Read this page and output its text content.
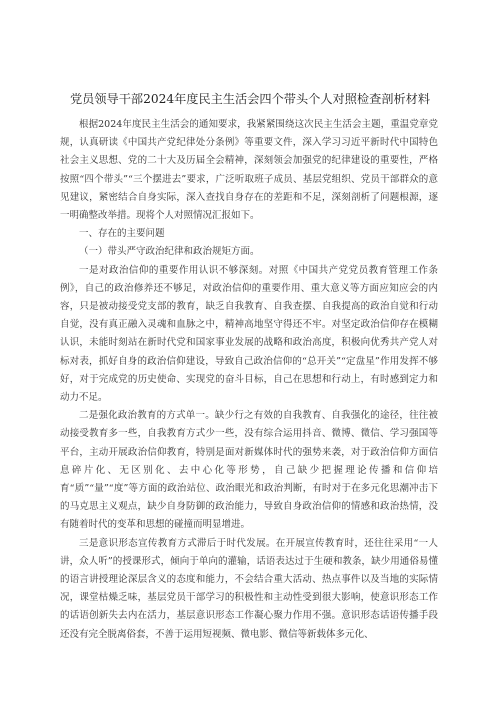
党员领导干部2024年度民主生活会四个带头个人对照检查剖析材料

根据2024年度民主生活会的通知要求，我紧紧围绕这次民主生活会主题，重温党章党规，认真研读《中国共产党纪律处分条例》等重要文件，深入学习习近平新时代中国特色社会主义思想、党的二十大及历届全会精神，深刻领会加强党的纪律建设的重要性，严格按照“四个带头”“三个摆进去”要求，广泛听取班子成员、基层党组织、党员干部群众的意见建议，紧密结合自身实际，深入查找自身存在的差距和不足，深刻剖析了问题根源，逐一明确整改举措。现将个人对照情况汇报如下。

一、存在的主要问题

（一）带头严守政治纪律和政治规矩方面。

一是对政治信仰的重要作用认识不够深刻。对照《中国共产党党员教育管理工作条例》，自己的政治修养还不够足，对政治信仰的重要作用、重大意义等方面应知应会的内容，只是被动接受党支部的教育，缺乏自我教育、自我查摆、自我提高的政治自觉和行动自觉，没有真正融入灵魂和血脉之中，精神高地坚守得还不牢。对坚定政治信仰存在模糊认识，未能时刻站在新时代党和国家事业发展的战略和政治高度，积极向优秀共产党人对标对表，抓好自身的政治信仰建设，导致自己政治信仰的“总开关”“定盘星”作用发挥不够好，对于完成党的历史使命、实现党的奋斗目标，自己在思想和行动上，有时感到定力和动力不足。

二是强化政治教育的方式单一。缺少行之有效的自我教育、自我强化的途径，往往被动接受教育多一些，自我教育方式少一些，没有综合运用抖音、微博、微信、学习强国等平台，主动开展政治信仰教育，特别是面对新媒体时代的强势来袭，对于政治信仰方面信息碎片化、无区别化、去中心化等形势，自己缺少把握理论传播和信仰培育“质”“量”“度”等方面的政治站位、政治眼光和政治判断，有时对于在多元化思潮冲击下的马克思主义观点，缺少自身防御的政治能力，导致自身政治信仰的情感和政治热情，没有随着时代的变革和思想的碰撞而明显增进。

三是意识形态宣传教育方式滞后于时代发展。在开展宣传教育时，还往往采用“一人讲，众人听”的授课形式，倾向于单向的灌输，话语表达过于生硬和教条，缺少用通俗易懂的语言讲授理论深层含义的态度和能力，不会结合重大活动、热点事件以及当地的实际情况，课堂枯燥乏味，基层党员干部学习的积极性和主动性受到很大影响，使意识形态工作的话语创新失去内在活力，基层意识形态工作凝心聚力作用不强。意识形态话语传播手段还没有完全脱离俗套，不善于运用短视频、微电影、微信等新载体多元化、
